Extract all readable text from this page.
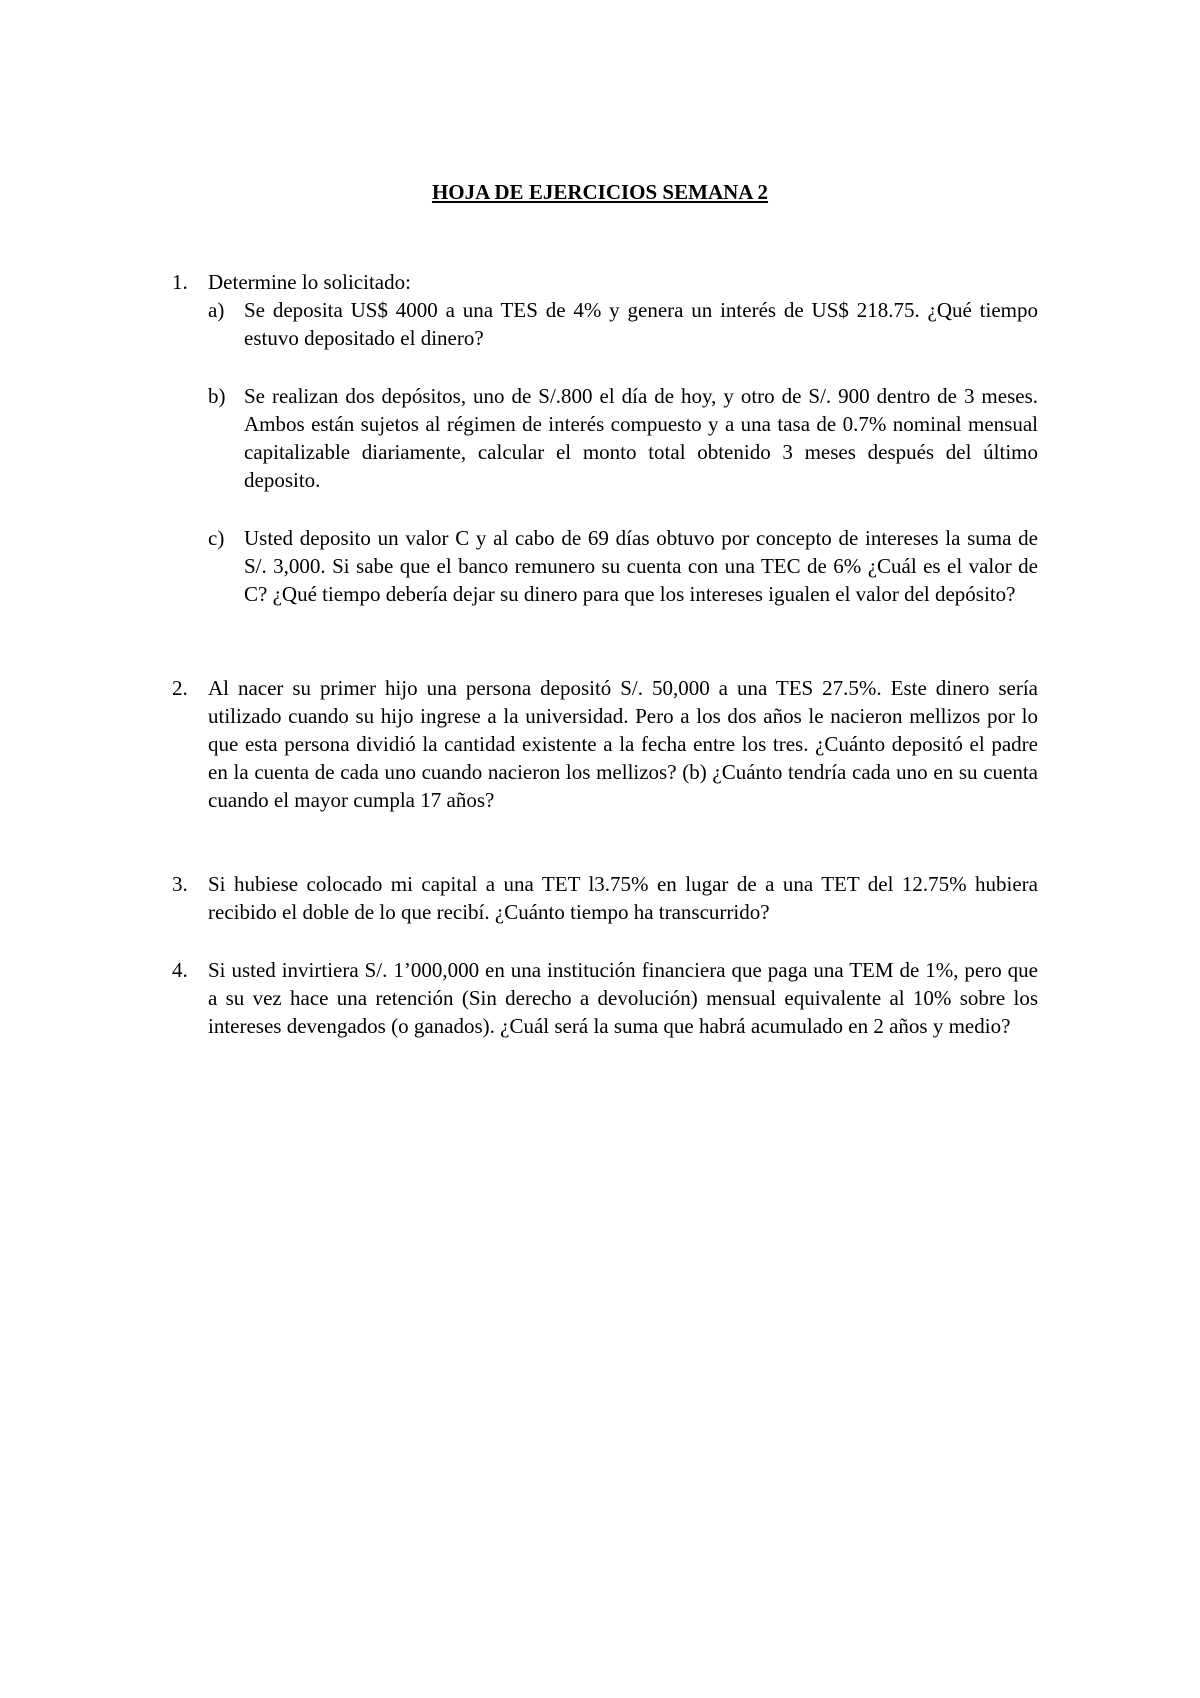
HOJA DE EJERCICIOS SEMANA 2
1. Determine lo solicitado:
a) Se deposita US$ 4000 a una TES de 4% y genera un interés de US$ 218.75. ¿Qué tiempo estuvo depositado el dinero?
b) Se realizan dos depósitos, uno de S/.800 el día de hoy, y otro de S/. 900 dentro de 3 meses. Ambos están sujetos al régimen de interés compuesto y a una tasa de 0.7% nominal mensual capitalizable diariamente, calcular el monto total obtenido 3 meses después del último deposito.
c) Usted deposito un valor C y al cabo de 69 días obtuvo por concepto de intereses la suma de S/. 3,000. Si sabe que el banco remunero su cuenta con una TEC de 6% ¿Cuál es el valor de C? ¿Qué tiempo debería dejar su dinero para que los intereses igualen el valor del depósito?
2. Al nacer su primer hijo una persona depositó S/. 50,000 a una TES 27.5%. Este dinero sería utilizado cuando su hijo ingrese a la universidad. Pero a los dos años le nacieron mellizos por lo que esta persona dividió la cantidad existente a la fecha entre los tres. ¿Cuánto depositó el padre en la cuenta de cada uno cuando nacieron los mellizos? (b) ¿Cuánto tendría cada uno en su cuenta cuando el mayor cumpla 17 años?
3. Si hubiese colocado mi capital a una TET l3.75% en lugar de a una TET del 12.75% hubiera recibido el doble de lo que recibí. ¿Cuánto tiempo ha transcurrido?
4. Si usted invirtiera S/. 1’000,000 en una institución financiera que paga una TEM de 1%, pero que a su vez hace una retención (Sin derecho a devolución) mensual equivalente al 10% sobre los intereses devengados (o ganados). ¿Cuál será la suma que habrá acumulado en 2 años y medio?
